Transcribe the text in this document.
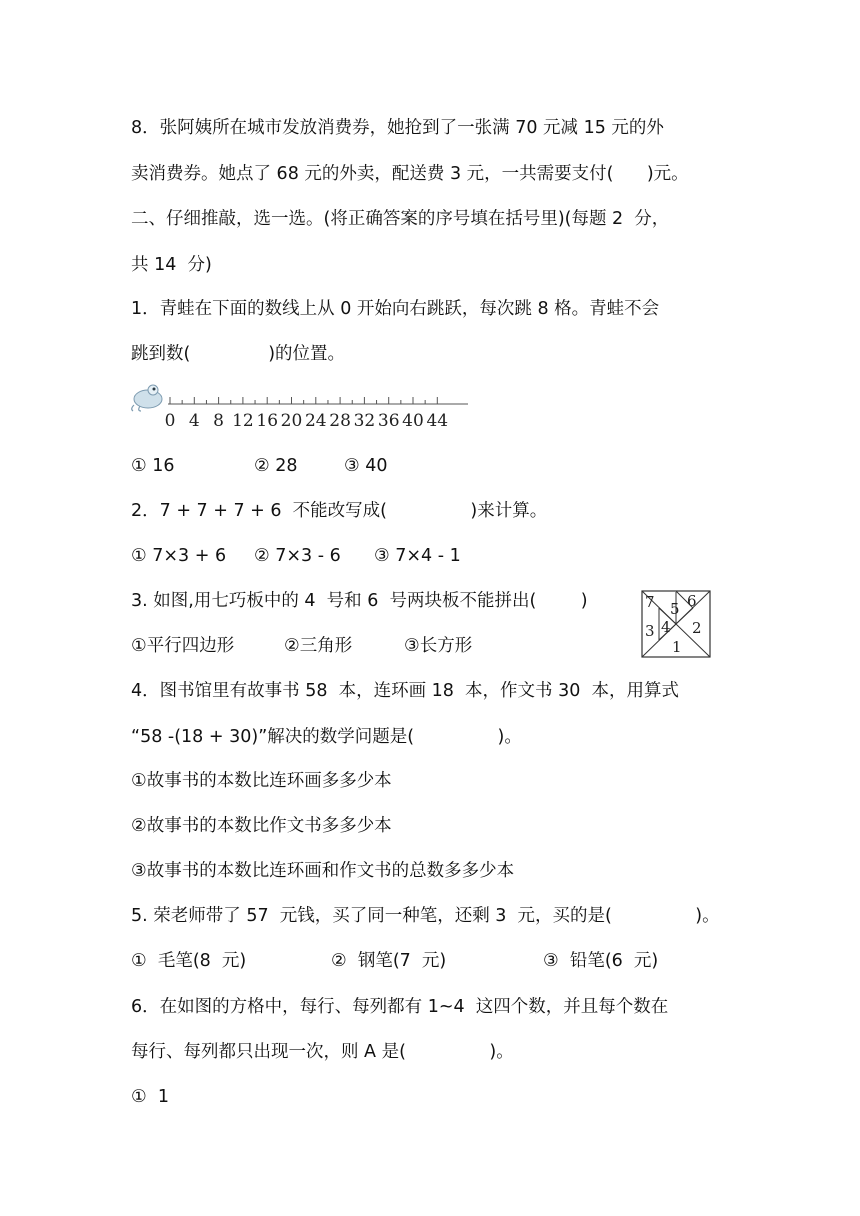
8．张阿姨所在城市发放消费券，她抢到了一张满 70 元减 15 元的外
卖消费券。她点了 68 元的外卖，配送费 3 元，一共需要支付(      )元。
二、仔细推敲，选一选。(将正确答案的序号填在括号里)(每题 2  分，
共 14  分)
1．青蛙在下面的数线上从 0 开始向右跳跃，每次跳 8 格。青蛙不会
跳到数(              )的位置。
0 4 8 12 16 20 24 28 32 36 40 44
① 16	② 28	③ 40
2．7 + 7 + 7 + 6  不能改写成(               )来计算。
① 7×3 + 6 ② 7×3 - 6 ③ 7×4 - 1
3. 如图,用七巧板中的 4  号和 6  号两块板不能拼出(        )	7 5 6
4
3 2
1
①平行四边形	②三角形	③长方形
4．图书馆里有故事书 58  本，连环画 18  本，作文书 30  本，用算式
“58 -(18 + 30)”解决的数学问题是(               )。
①故事书的本数比连环画多多少本
②故事书的本数比作文书多多少本
③故事书的本数比连环画和作文书的总数多多少本
5. 荣老师带了 57  元钱，买了同一种笔，还剩 3  元，买的是(               )。
①  毛笔(8  元)	②  钢笔(7  元)	③  铅笔(6  元)
6．在如图的方格中，每行、每列都有 1~4  这四个数，并且每个数在
每行、每列都只出现一次，则 A 是(               )。
①  1
